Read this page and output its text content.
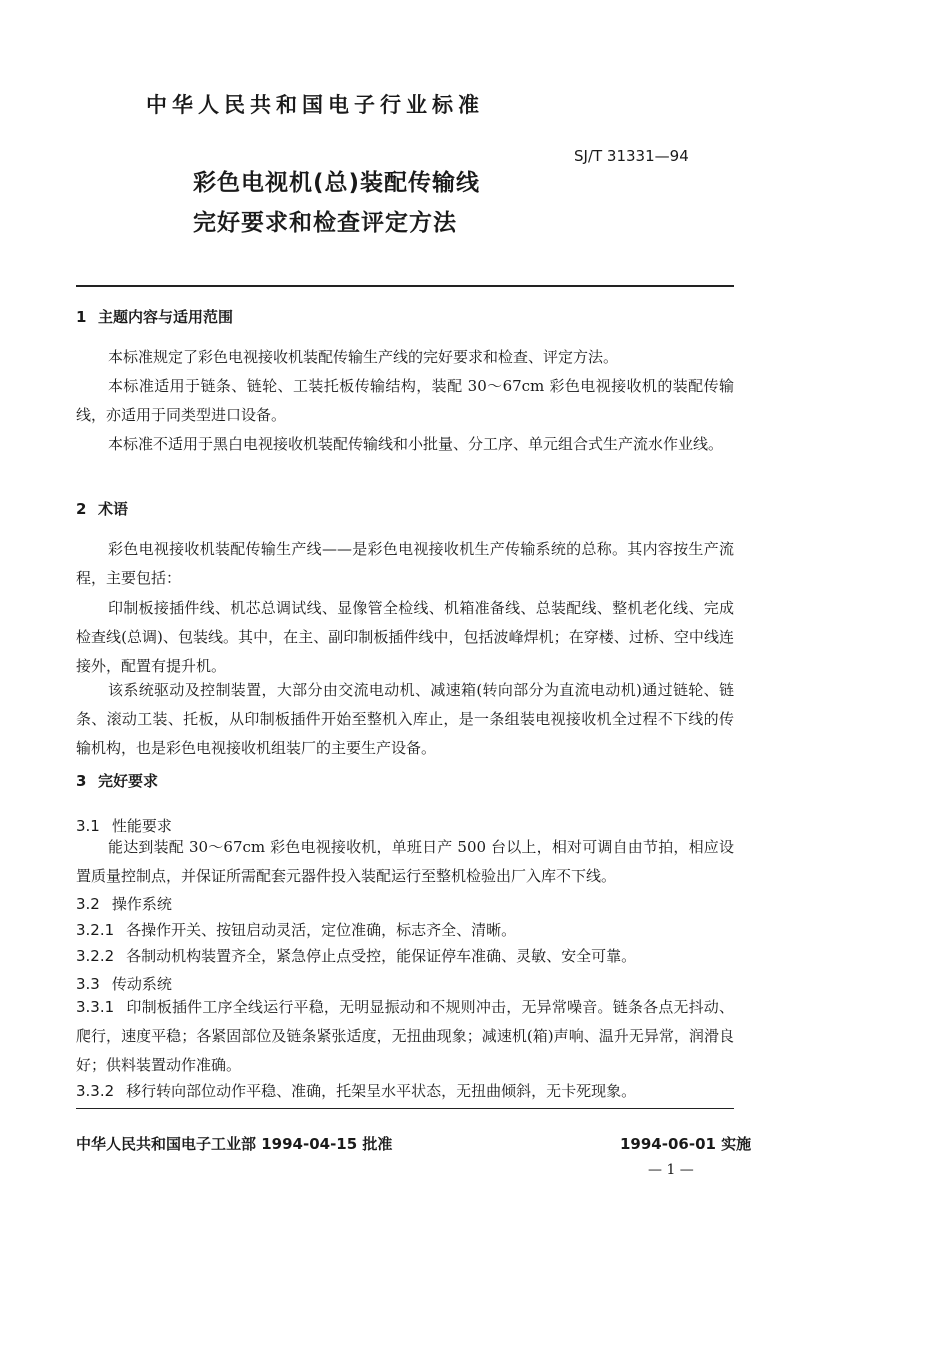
中华人民共和国电子行业标准
彩色电视机(总)装配传输线
完好要求和检查评定方法
SJ/T 31331—94
1 主题内容与适用范围
本标准规定了彩色电视接收机装配传输生产线的完好要求和检查、评定方法。
本标准适用于链条、链轮、工装托板传输结构，装配 30～67cm 彩色电视接收机的装配传输线，亦适用于同类型进口设备。
本标准不适用于黑白电视接收机装配传输线和小批量、分工序、单元组合式生产流水作业线。
2 术语
彩色电视接收机装配传输生产线——是彩色电视接收机生产传输系统的总称。其内容按生产流程，主要包括：
印制板接插件线、机芯总调试线、显像管全检线、机箱准备线、总装配线、整机老化线、完成检查线(总调)、包装线。其中，在主、副印制板插件线中，包括波峰焊机；在穿楼、过桥、空中线连接外，配置有提升机。
该系统驱动及控制装置，大部分由交流电动机、减速箱(转向部分为直流电动机)通过链轮、链条、滚动工装、托板，从印制板插件开始至整机入库止，是一条组装电视接收机全过程不下线的传输机构，也是彩色电视接收机组装厂的主要生产设备。
3 完好要求
3.1 性能要求
能达到装配 30～67cm 彩色电视接收机，单班日产 500 台以上，相对可调自由节拍，相应设置质量控制点，并保证所需配套元器件投入装配运行至整机检验出厂入库不下线。
3.2 操作系统
3.2.1 各操作开关、按钮启动灵活，定位准确，标志齐全、清晰。
3.2.2 各制动机构装置齐全，紧急停止点受控，能保证停车准确、灵敏、安全可靠。
3.3 传动系统
3.3.1 印制板插件工序全线运行平稳，无明显振动和不规则冲击，无异常噪音。链条各点无抖动、爬行，速度平稳；各紧固部位及链条紧张适度，无扭曲现象；减速机(箱)声响、温升无异常，润滑良好；供料装置动作准确。
3.3.2 移行转向部位动作平稳、准确，托架呈水平状态，无扭曲倾斜，无卡死现象。
中华人民共和国电子工业部 1994-04-15 批准	1994-06-01 实施
— 1 —
